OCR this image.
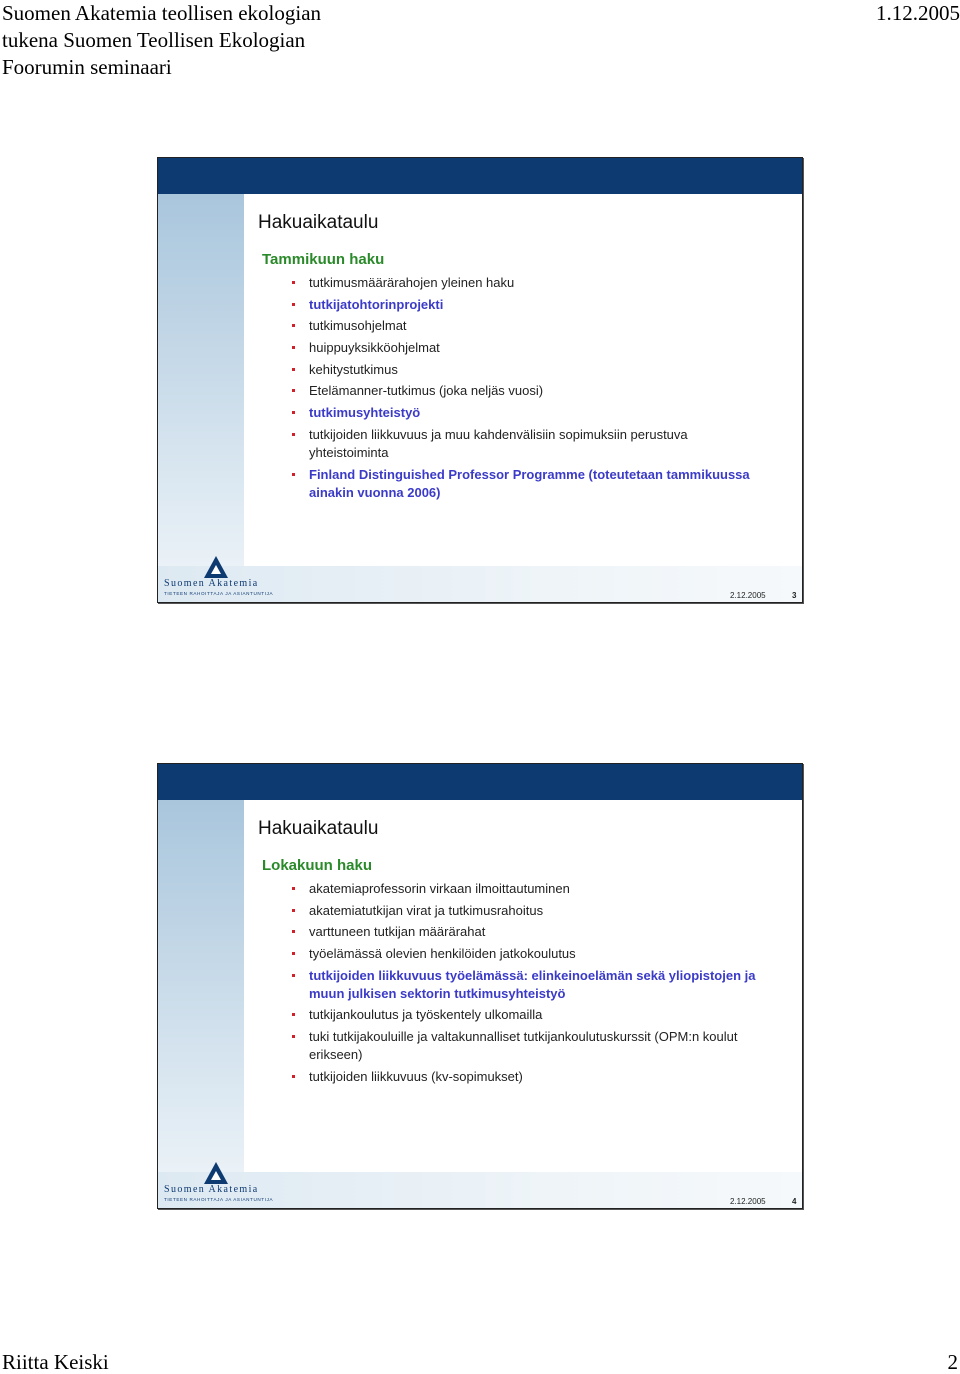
Suomen Akatemia teollisen ekologian
tukena Suomen Teollisen Ekologian
Foorumin seminaari
1.12.2005
Hakuaikataulu
Tammikuun haku
tutkimusmäärärahojen yleinen haku
tutkijatohtorinprojekti
tutkimusohjelmat
huippuyksikköohjelmat
kehitystutkimus
Etelämanner-tutkimus (joka neljäs vuosi)
tutkimusyhteistyö
tutkijoiden liikkuvuus ja muu kahdenvälisiin sopimuksiin perustuva yhteistoiminta
Finland Distinguished Professor Programme (toteutetaan tammikuussa ainakin vuonna 2006)
Suomen Akatemia
TIETEEN RAHOITTAJA JA ASIANTUNTIJA	2.12.2005	3
Hakuaikataulu
Lokakuun haku
akatemiaprofessorin virkaan ilmoittautuminen
akatemiatutkijan virat ja tutkimusrahoitus
varttuneen tutkijan määrärahat
työelämässä olevien henkilöiden jatkokoulutus
tutkijoiden liikkuvuus työelämässä: elinkeinoelämän sekä yliopistojen ja muun julkisen sektorin tutkimusyhteistyö
tutkijankoulutus ja työskentely ulkomailla
tuki tutkijakouluille ja valtakunnalliset tutkijankoulutuskurssit (OPM:n koulut erikseen)
tutkijoiden liikkuvuus (kv-sopimukset)
Suomen Akatemia
TIETEEN RAHOITTAJA JA ASIANTUNTIJA	2.12.2005	4
Riitta Keiski	2
